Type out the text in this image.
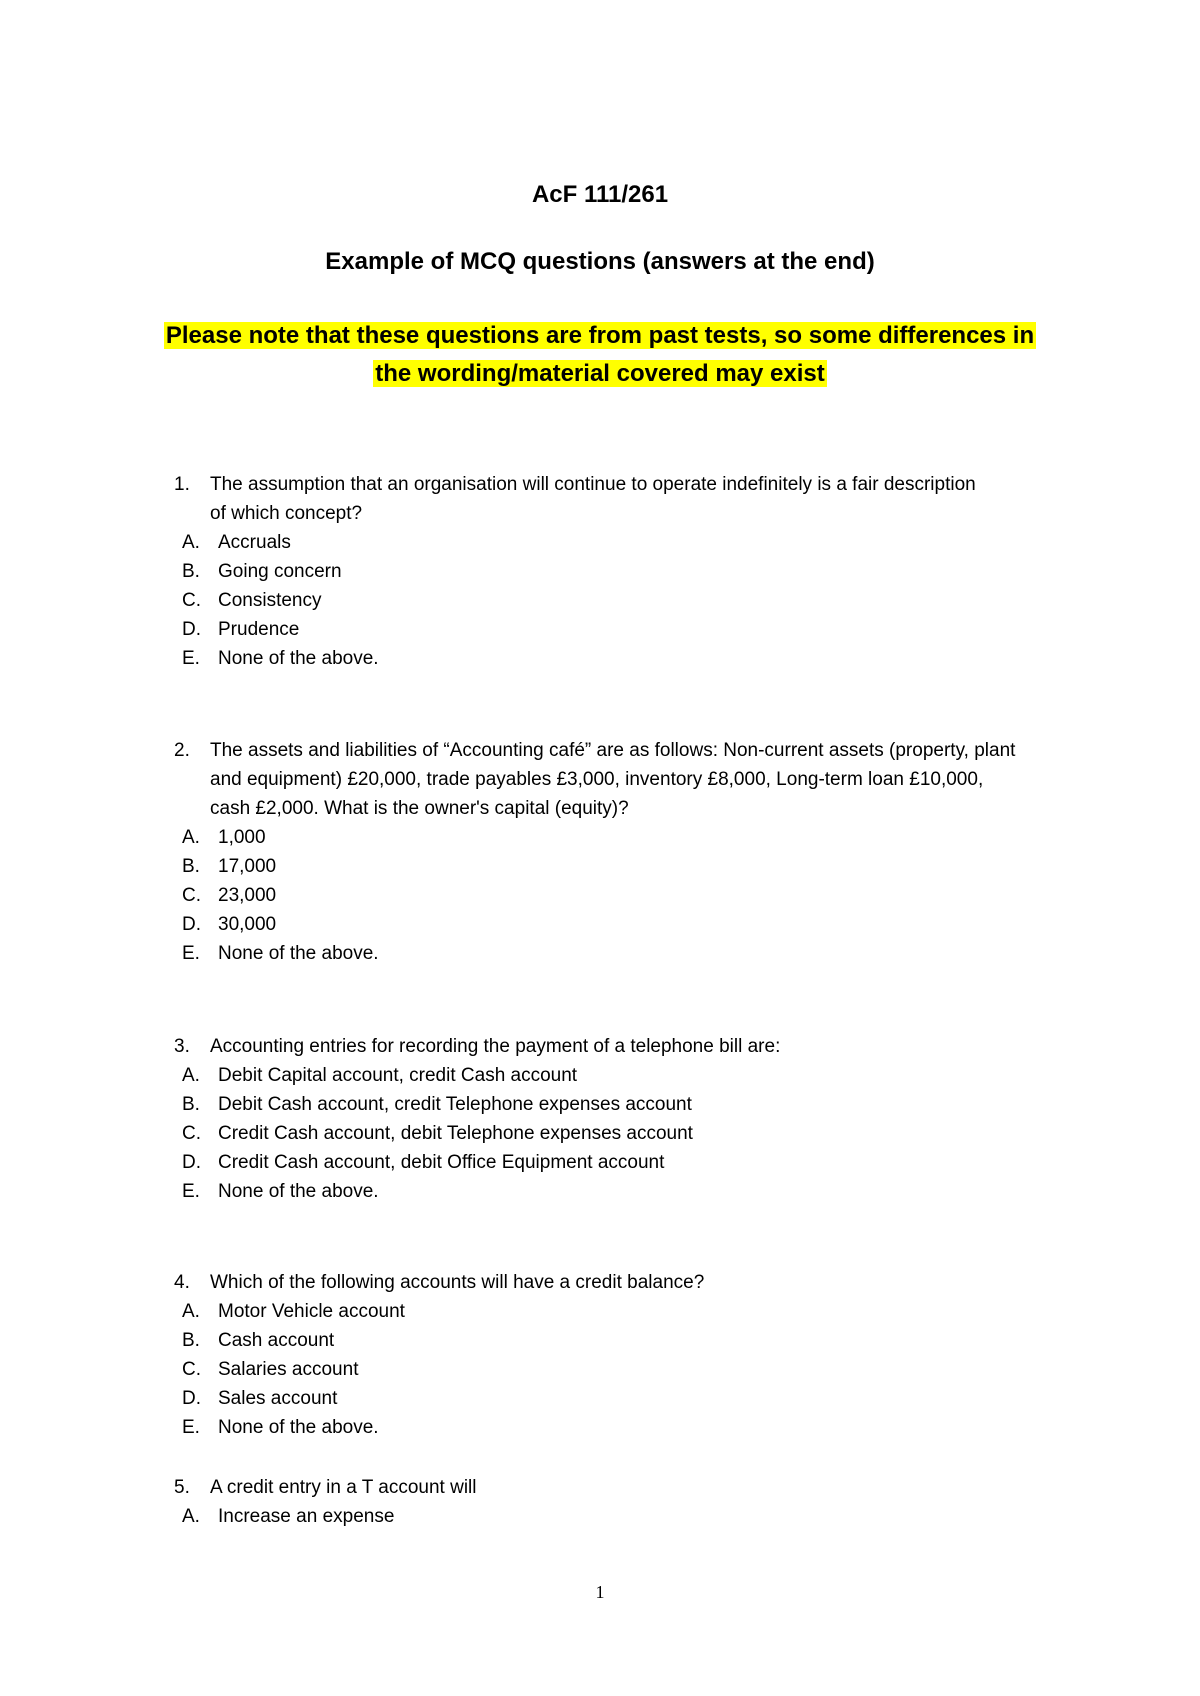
AcF 111/261
Example of MCQ questions (answers at the end)
Please note that these questions are from past tests, so some differences in
the wording/material covered may exist
1.	The assumption that an organisation will continue to operate indefinitely is a fair description
of which concept?
A. Accruals
B. Going concern
C. Consistency
D. Prudence
E. None of the above.
2.	The assets and liabilities of “Accounting café” are as follows: Non-current assets (property, plant
and equipment) £20,000, trade payables £3,000, inventory £8,000, Long-term loan £10,000,
cash £2,000. What is the owner's capital (equity)?
A. 1,000
B. 17,000
C. 23,000
D. 30,000
E. None of the above.
3.	Accounting entries for recording the payment of a telephone bill are:
A. Debit Capital account, credit Cash account
B. Debit Cash account, credit Telephone expenses account
C. Credit Cash account, debit Telephone expenses account
D. Credit Cash account, debit Office Equipment account
E. None of the above.
4.	Which of the following accounts will have a credit balance?
A. Motor Vehicle account
B. Cash account
C. Salaries account
D. Sales account
E. None of the above.
5.	A credit entry in a T account will
A. Increase an expense
1
